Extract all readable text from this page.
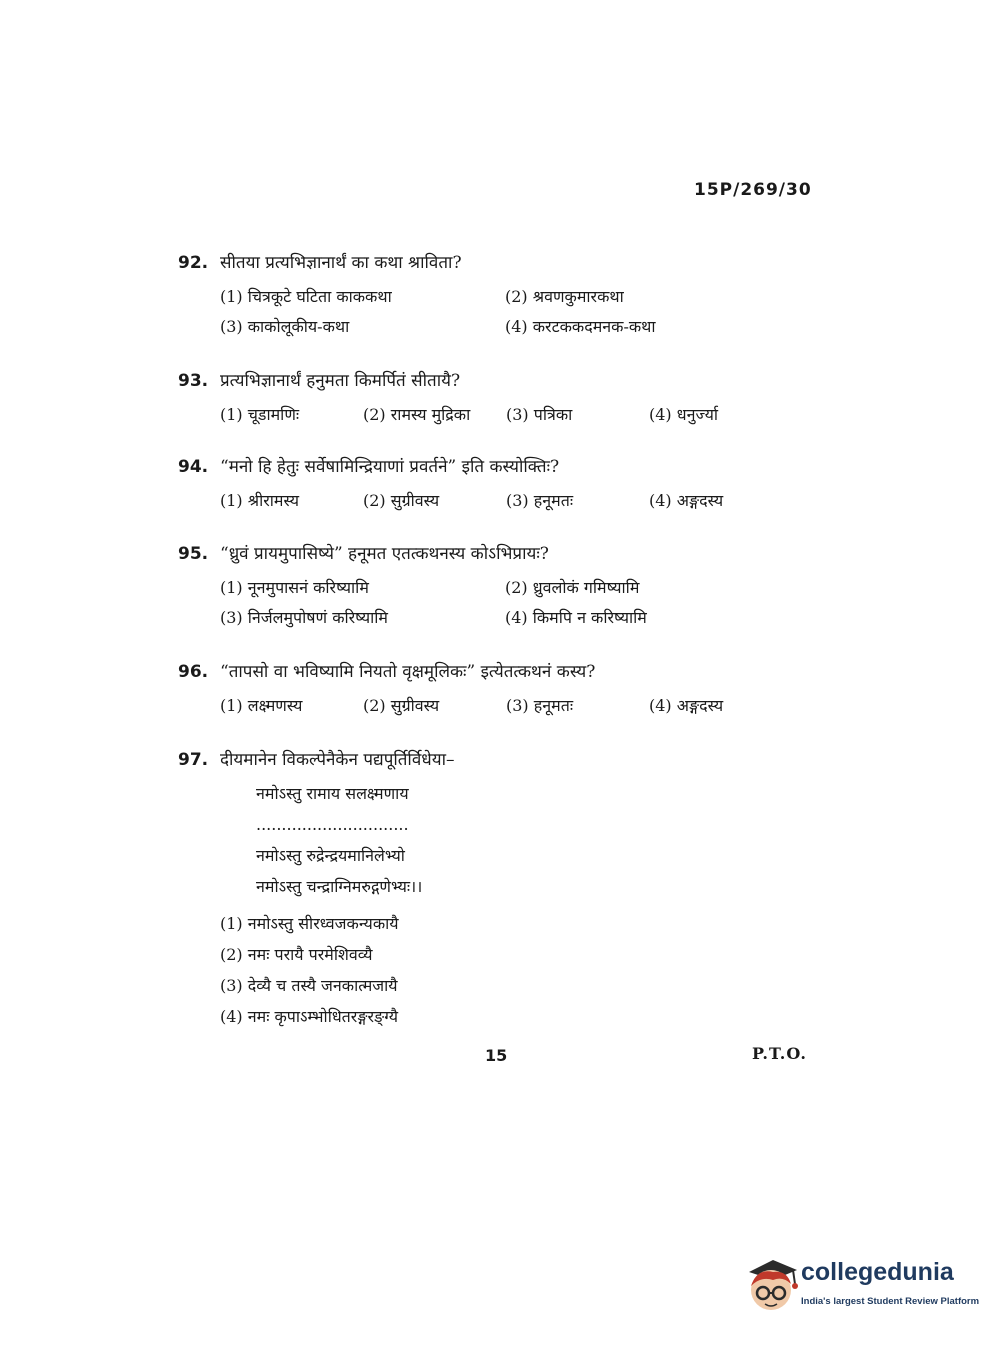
15P/269/30
92. सीतया प्रत्यभिज्ञानार्थं का कथा श्राविता?
(1) चित्रकूटे घटिता काककथा	(2) श्रवणकुमारकथा
(3) काकोलूकीय-कथा	(4) करटककदमनक-कथा
93. प्रत्यभिज्ञानार्थं हनुमता किमर्पितं सीतायै?
(1) चूडामणिः	(2) रामस्य मुद्रिका	(3) पत्रिका	(4) धनुर्ज्या
94. “मनो हि हेतुः सर्वेषामिन्द्रियाणां प्रवर्तने” इति कस्योक्तिः?
(1) श्रीरामस्य	(2) सुग्रीवस्य	(3) हनूमतः	(4) अङ्गदस्य
95. “ध्रुवं प्रायमुपासिष्ये” हनूमत एतत्कथनस्य कोऽभिप्रायः?
(1) नूनमुपासनं करिष्यामि	(2) ध्रुवलोकं गमिष्यामि
(3) निर्जलमुपोषणं करिष्यामि	(4) किमपि न करिष्यामि
96. “तापसो वा भविष्यामि नियतो वृक्षमूलिकः” इत्येतत्कथनं कस्य?
(1) लक्ष्मणस्य	(2) सुग्रीवस्य	(3) हनूमतः	(4) अङ्गदस्य
97. दीयमानेन विकल्पेनैकेन पद्यपूर्तिर्विधेया–
नमोऽस्तु रामाय सलक्ष्मणाय
..............................
नमोऽस्तु रुद्रेन्द्रयमानिलेभ्यो
नमोऽस्तु चन्द्राग्निमरुद्गणेभ्यः।।
(1) नमोऽस्तु सीरध्वजकन्यकायै
(2) नमः परायै परमेशिवव्यै
(3) देव्यै च तस्यै जनकात्मजायै
(4) नमः कृपाऽम्भोधितरङ्गरङ्ग्यै
15	P.T.O.
collegedunia
India's largest Student Review Platform
